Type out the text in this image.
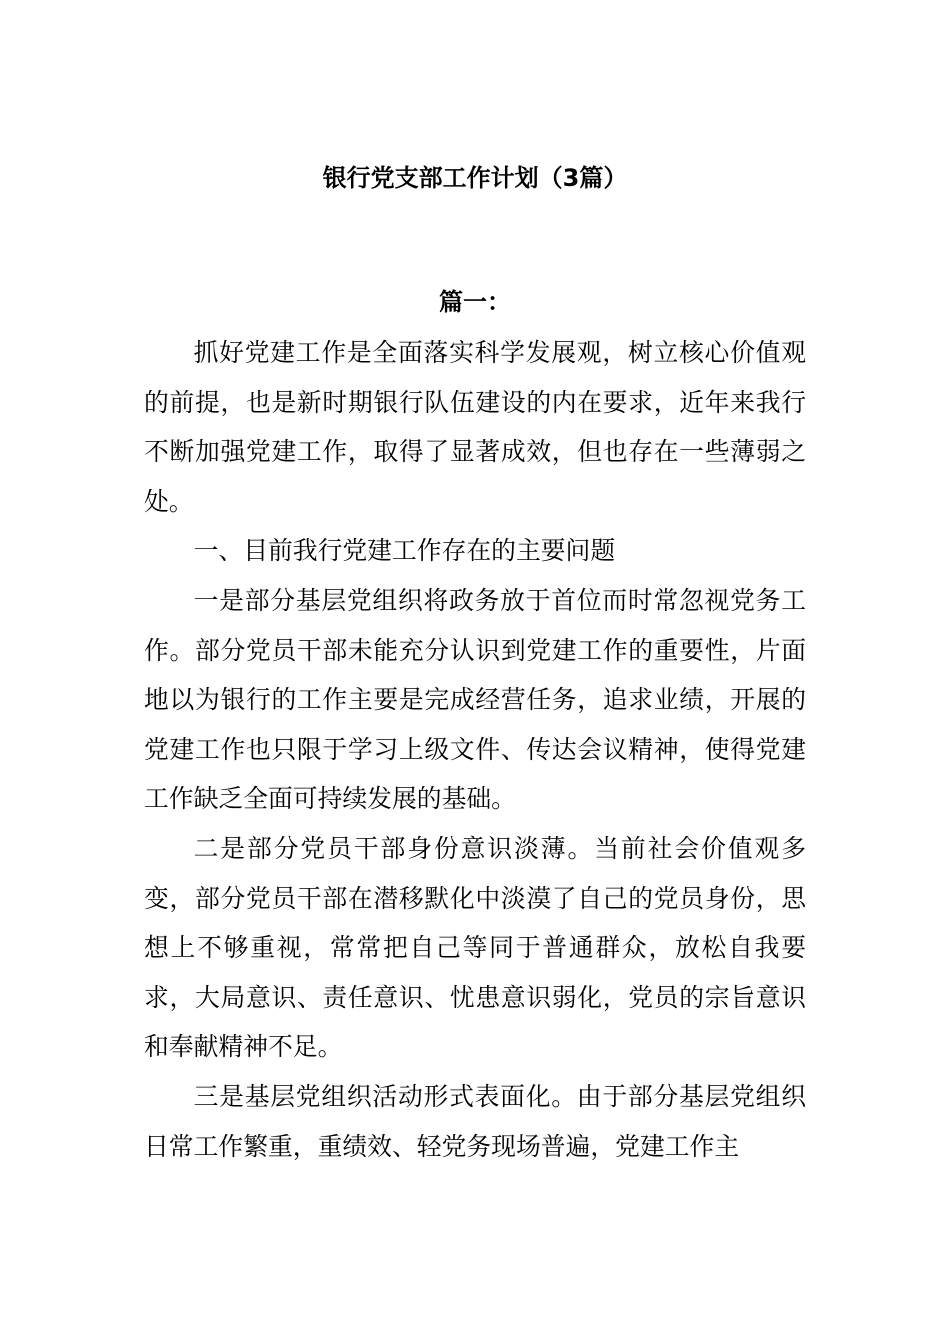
银行党支部工作计划（3篇）
篇一：

抓好党建工作是全面落实科学发展观，树立核心价值观的前提，也是新时期银行队伍建设的内在要求，近年来我行不断加强党建工作，取得了显著成效，但也存在一些薄弱之处。

一、目前我行党建工作存在的主要问题

一是部分基层党组织将政务放于首位而时常忽视党务工作。部分党员干部未能充分认识到党建工作的重要性，片面地以为银行的工作主要是完成经营任务，追求业绩，开展的党建工作也只限于学习上级文件、传达会议精神，使得党建工作缺乏全面可持续发展的基础。

二是部分党员干部身份意识淡薄。当前社会价值观多变，部分党员干部在潜移默化中淡漠了自己的党员身份，思想上不够重视，常常把自己等同于普通群众，放松自我要求，大局意识、责任意识、忧患意识弱化，党员的宗旨意识和奉献精神不足。

三是基层党组织活动形式表面化。由于部分基层党组织日常工作繁重，重绩效、轻党务现场普遍，党建工作主
